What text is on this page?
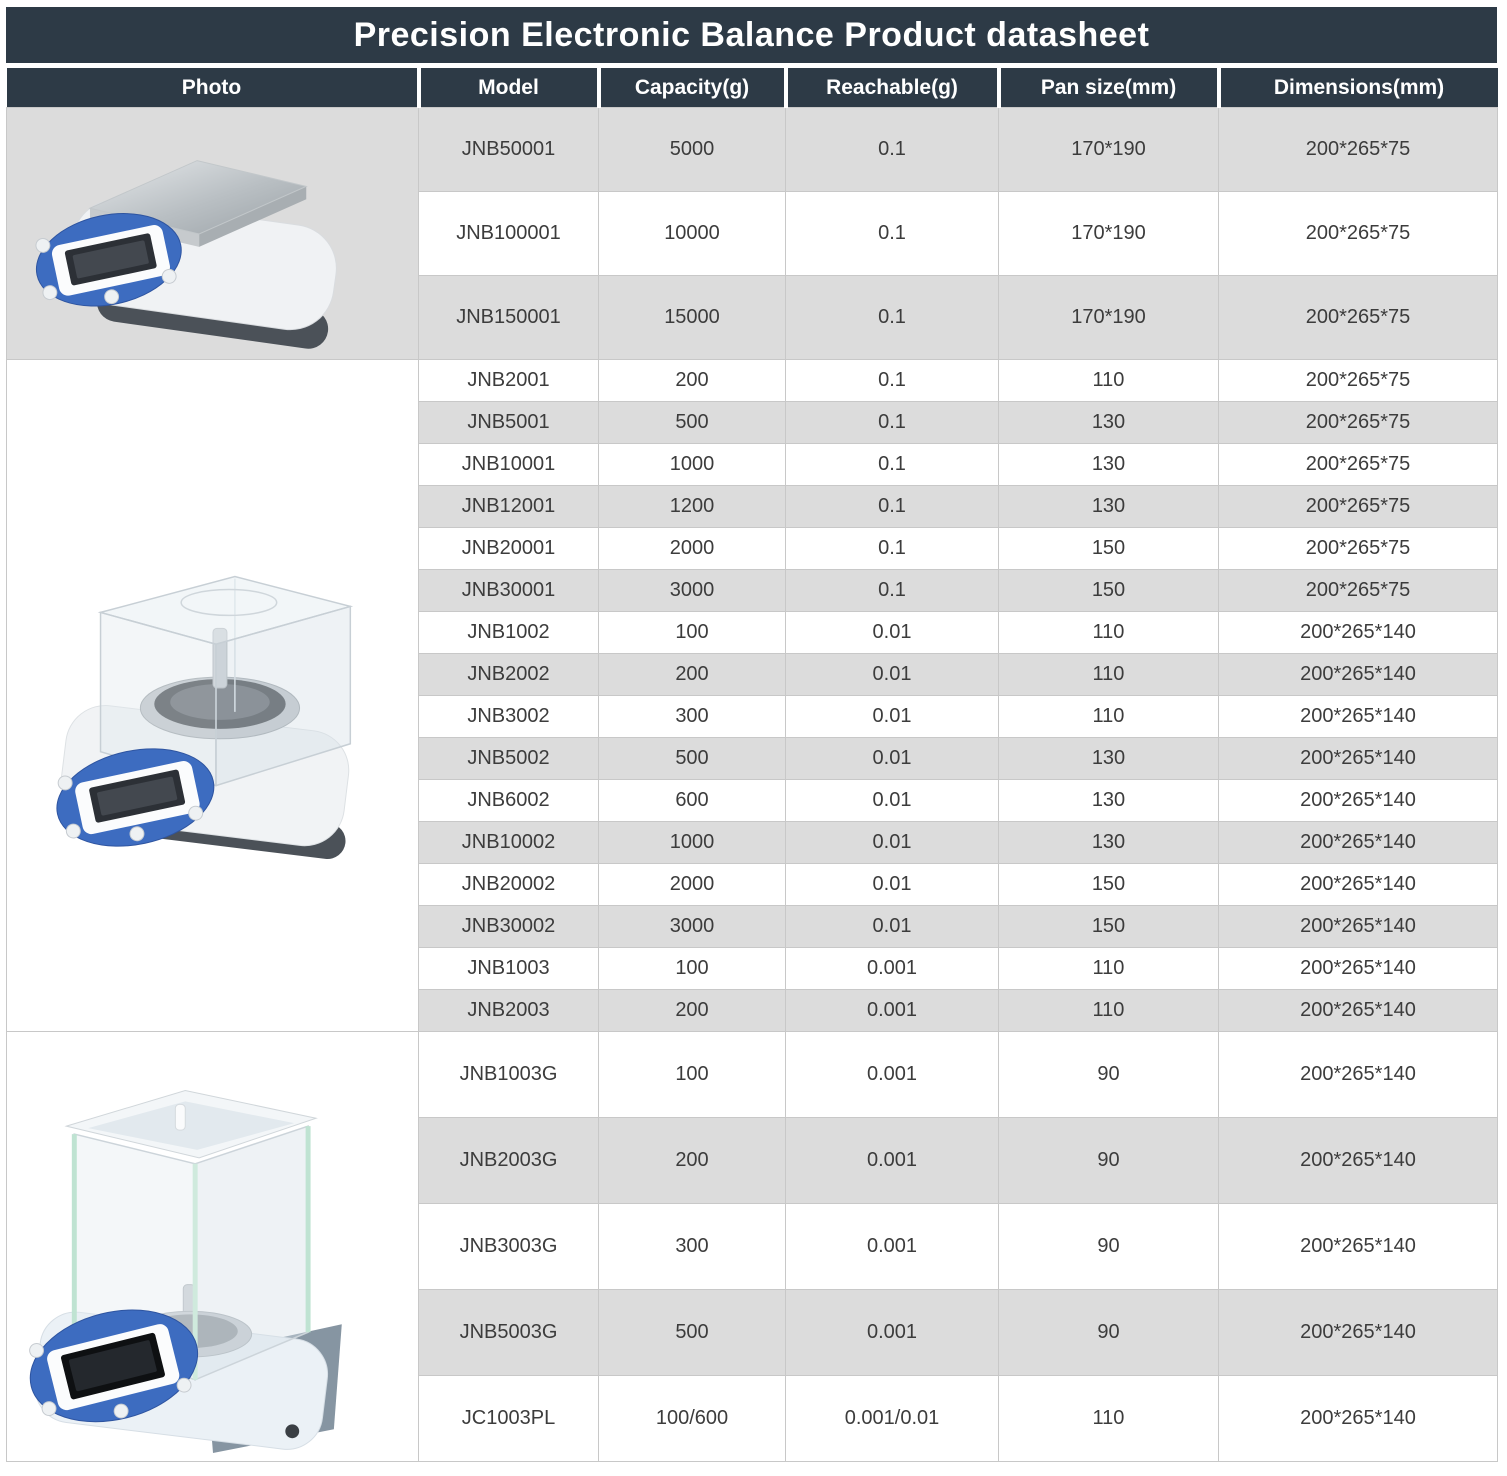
Precision Electronic Balance Product datasheet
Photo	Model	Capacity(g)	Reachable(g)	Pan size(mm)	Dimensions(mm)

	JNB50001	5000	0.1	170*190	200*265*75
	JNB100001	10000	0.1	170*190	200*265*75
	JNB150001	15000	0.1	170*190	200*265*75

	JNB2001	200	0.1	110	200*265*75
	JNB5001	500	0.1	130	200*265*75
	JNB10001	1000	0.1	130	200*265*75
	JNB12001	1200	0.1	130	200*265*75
	JNB20001	2000	0.1	150	200*265*75
	JNB30001	3000	0.1	150	200*265*75
	JNB1002	100	0.01	110	200*265*140
	JNB2002	200	0.01	110	200*265*140
	JNB3002	300	0.01	110	200*265*140
	JNB5002	500	0.01	130	200*265*140
	JNB6002	600	0.01	130	200*265*140
	JNB10002	1000	0.01	130	200*265*140
	JNB20002	2000	0.01	150	200*265*140
	JNB30002	3000	0.01	150	200*265*140
	JNB1003	100	0.001	110	200*265*140
	JNB2003	200	0.001	110	200*265*140

	JNB1003G	100	0.001	90	200*265*140
	JNB2003G	200	0.001	90	200*265*140
	JNB3003G	300	0.001	90	200*265*140
	JNB5003G	500	0.001	90	200*265*140
	JC1003PL	100/600	0.001/0.01	110	200*265*140
